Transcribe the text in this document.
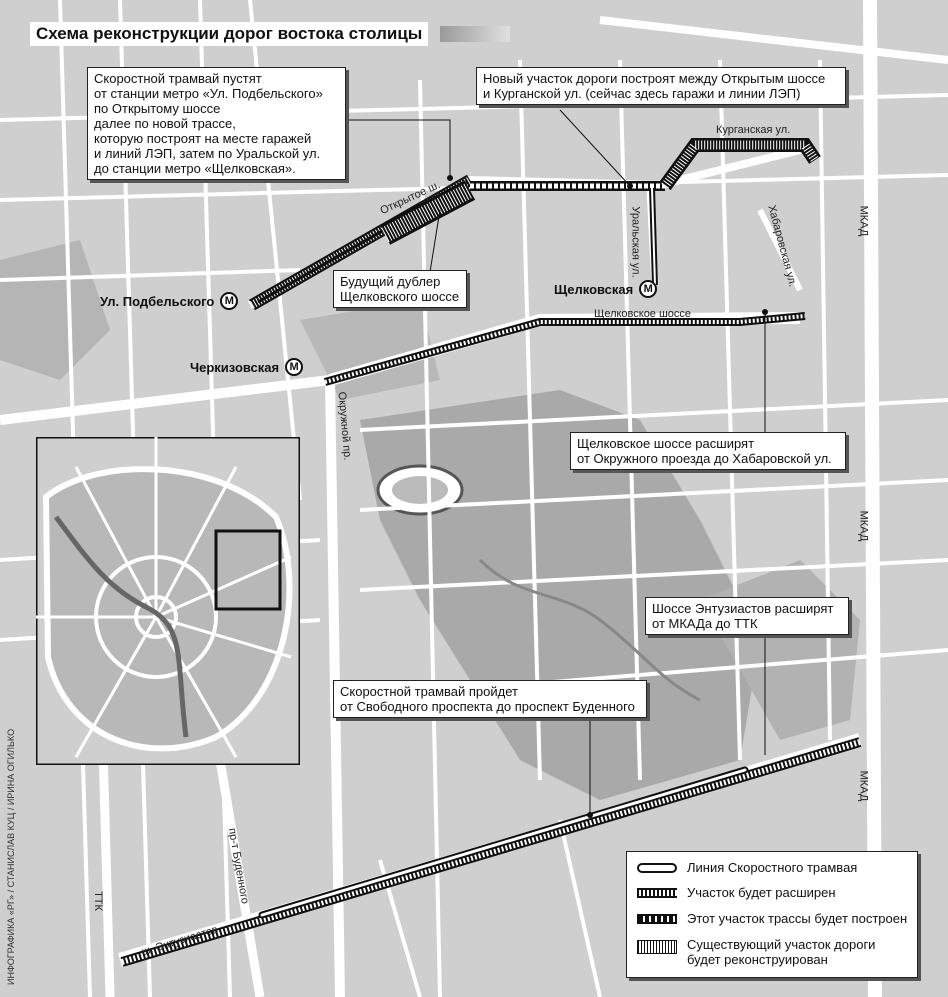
Схема реконструкции дорог востока столицы
Скоростной трамвай пустят
от станции метро «Ул. Подбельского»
по Открытому шоссе
далее по новой трассе,
которую построят на месте гаражей
и линий ЛЭП, затем по Уральской ул.
до станции метро «Щелковская».
Новый участок дороги построят между Открытым шоссе
и Курганской ул. (сейчас здесь гаражи и линии ЛЭП)
Будущий дублер
Щелковского шоссе
Щелковское шоссе расширят
от Окружного проезда до Хабаровской ул.
Шоссе Энтузиастов расширят
от МКАДа до ТТК
Скоростной трамвай пройдет
от Свободного проспекта до проспект Буденного
Ул. Подбельского M
Черкизовская M
Щелковская M
Курганская ул.
Открытое ш.
Уральская ул.	Хабаровская ул.	МКАД
МКАД
МКАД
Щелковское шоссе
Окружной пр.
пр-т Буденного
ш. Энтузиастов
ТТК
Линия Скоростного трамвая
Участок будет расширен
Этот участок трассы будет построен
Существующий участок дороги будет реконструирован
ИНФОГРАФИКА «РГ» / СТАНИСЛАВ КУЦ / ИРИНА ОГИЛЬКО
